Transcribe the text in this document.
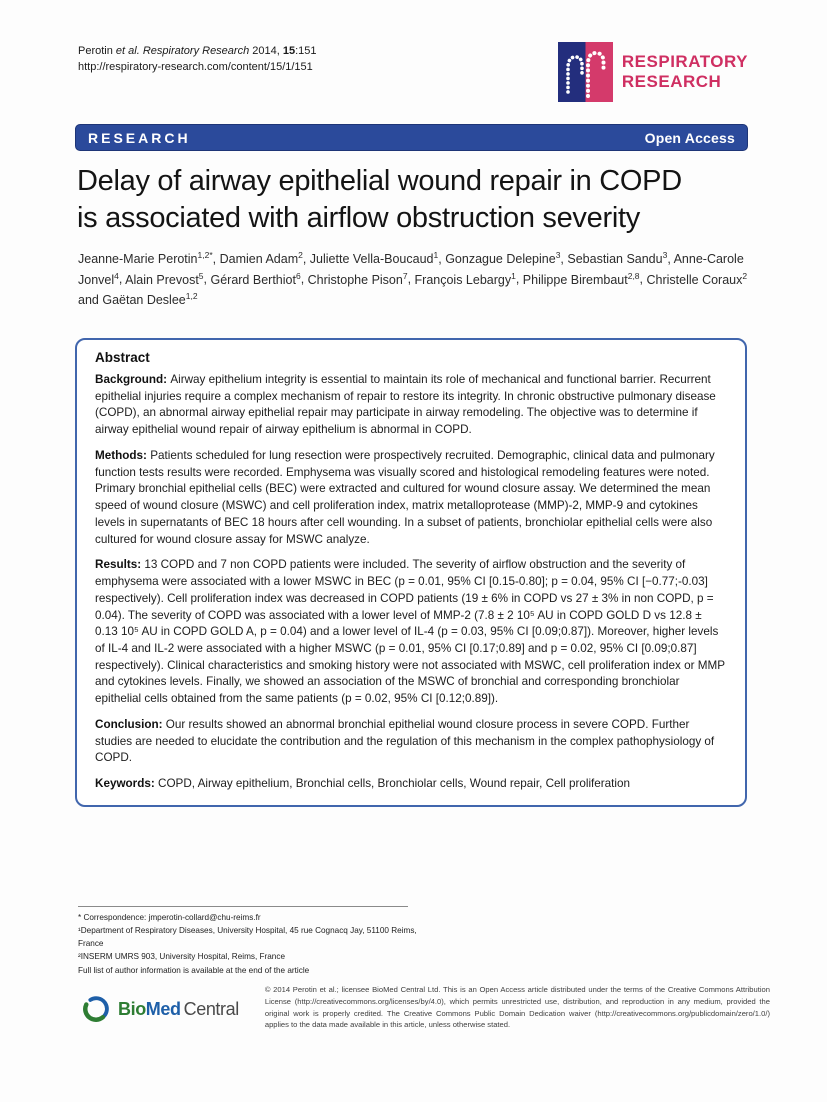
Perotin et al. Respiratory Research 2014, 15:151
http://respiratory-research.com/content/15/1/151	RESPIRATORY
RESEARCH
RESEARCH	Open Access
Delay of airway epithelial wound repair in COPD
is associated with airflow obstruction severity
Jeanne-Marie Perotin$^{1,2*}$, Damien Adam$^2$, Juliette Vella-Boucaud$^1$, Gonzague Delepine$^3$, Sebastian Sandu$^3$, Anne-Carole Jonvel$^4$, Alain Prevost$^5$, Gérard Berthiot$^6$, Christophe Pison$^7$, François Lebargy$^1$, Philippe Birembaut$^{2,8}$, Christelle Coraux$^2$ and Gaëtan Deslee$^{1,2}$
Abstract

Background: Airway epithelium integrity is essential to maintain its role of mechanical and functional barrier. Recurrent epithelial injuries require a complex mechanism of repair to restore its integrity. In chronic obstructive pulmonary disease (COPD), an abnormal airway epithelial repair may participate in airway remodeling. The objective was to determine if airway epithelial wound repair of airway epithelium is abnormal in COPD.

Methods: Patients scheduled for lung resection were prospectively recruited. Demographic, clinical data and pulmonary function tests results were recorded. Emphysema was visually scored and histological remodeling features were noted. Primary bronchial epithelial cells (BEC) were extracted and cultured for wound closure assay. We determined the mean speed of wound closure (MSWC) and cell proliferation index, matrix metalloprotease (MMP)-2, MMP-9 and cytokines levels in supernatants of BEC 18 hours after cell wounding. In a subset of patients, bronchiolar epithelial cells were also cultured for wound closure assay for MSWC analyze.

Results: 13 COPD and 7 non COPD patients were included. The severity of airflow obstruction and the severity of emphysema were associated with a lower MSWC in BEC (p = 0.01, 95% CI [0.15-0.80]; p = 0.04, 95% CI [−0.77;-0.03] respectively). Cell proliferation index was decreased in COPD patients (19 ± 6% in COPD vs 27 ± 3% in non COPD, p = 0.04). The severity of COPD was associated with a lower level of MMP-2 (7.8 ± 2 10⁵ AU in COPD GOLD D vs 12.8 ± 0.13 10⁵ AU in COPD GOLD A, p = 0.04) and a lower level of IL-4 (p = 0.03, 95% CI [0.09;0.87]). Moreover, higher levels of IL-4 and IL-2 were associated with a higher MSWC (p = 0.01, 95% CI [0.17;0.89] and p = 0.02, 95% CI [0.09;0.87] respectively). Clinical characteristics and smoking history were not associated with MSWC, cell proliferation index or MMP and cytokines levels. Finally, we showed an association of the MSWC of bronchial and corresponding bronchiolar epithelial cells obtained from the same patients (p = 0.02, 95% CI [0.12;0.89]).

Conclusion: Our results showed an abnormal bronchial epithelial wound closure process in severe COPD. Further studies are needed to elucidate the contribution and the regulation of this mechanism in the complex pathophysiology of COPD.

Keywords: COPD, Airway epithelium, Bronchial cells, Bronchiolar cells, Wound repair, Cell proliferation

* Correspondence: jmperotin-collard@chu-reims.fr
¹Department of Respiratory Diseases, University Hospital, 45 rue Cognacq Jay, 51100 Reims, France
²INSERM UMRS 903, University Hospital, Reims, France
Full list of author information is available at the end of the article
BioMed Central

© 2014 Perotin et al.; licensee BioMed Central Ltd. This is an Open Access article distributed under the terms of the Creative Commons Attribution License (http://creativecommons.org/licenses/by/4.0), which permits unrestricted use, distribution, and reproduction in any medium, provided the original work is properly credited. The Creative Commons Public Domain Dedication waiver (http://creativecommons.org/publicdomain/zero/1.0/) applies to the data made available in this article, unless otherwise stated.
